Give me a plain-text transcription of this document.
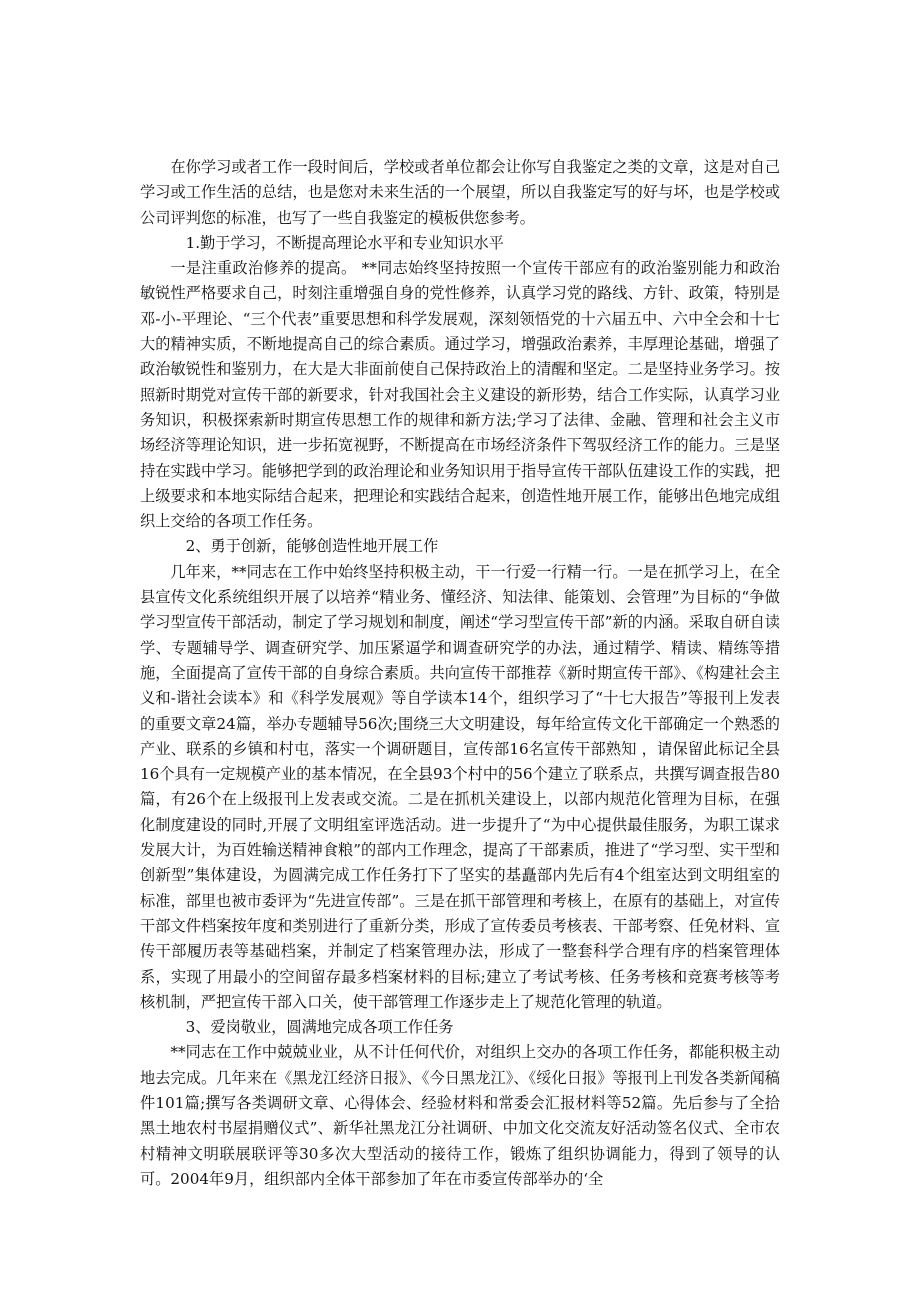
在你学习或者工作一段时间后，学校或者单位都会让你写自我鉴定之类的文章，这是对自己学习或工作生活的总结，也是您对未来生活的一个展望，所以自我鉴定写的好与坏，也是学校或公司评判您的标准，也写了一些自我鉴定的模板供您参考。

1.勤于学习，不断提高理论水平和专业知识水平

一是注重政治修养的提高。 **同志始终坚持按照一个宣传干部应有的政治鉴别能力和政治敏锐性严格要求自己，时刻注重增强自身的党性修养，认真学习党的路线、方针、政策，特别是邓-小-平理论、“三个代表”重要思想和科学发展观，深刻领悟党的十六届五中、六中全会和十七大的精神实质，不断地提高自己的综合素质。通过学习，增强政治素养，丰厚理论基础，增强了政治敏锐性和鉴别力，在大是大非面前使自己保持政治上的清醒和坚定。二是坚持业务学习。按照新时期党对宣传干部的新要求，针对我国社会主义建设的新形势，结合工作实际，认真学习业务知识，积极探索新时期宣传思想工作的规律和新方法;学习了法律、金融、管理和社会主义市场经济等理论知识，进一步拓宽视野，不断提高在市场经济条件下驾驭经济工作的能力。三是坚持在实践中学习。能够把学到的政治理论和业务知识用于指导宣传干部队伍建设工作的实践，把上级要求和本地实际结合起来，把理论和实践结合起来，创造性地开展工作，能够出色地完成组织上交给的各项工作任务。

2、勇于创新，能够创造性地开展工作

几年来，**同志在工作中始终坚持积极主动，干一行爱一行精一行。一是在抓学习上，在全县宣传文化系统组织开展了以培养“精业务、懂经济、知法律、能策划、会管理”为目标的“争做学习型宣传干部活动，制定了学习规划和制度，阐述“学习型宣传干部”新的内涵。采取自研自读学、专题辅导学、调查研究学、加压紧逼学和调查研究学的办法，通过精学、精读、精练等措施，全面提高了宣传干部的自身综合素质。共向宣传干部推荐《新时期宣传干部》、《构建社会主义和-谐社会读本》和《科学发展观》等自学读本14个，组织学习了“十七大报告”等报刊上发表的重要文章24篇，举办专题辅导56次;围绕三大文明建设，每年给宣传文化干部确定一个熟悉的产业、联系的乡镇和村屯，落实一个调研题目，宣传部16名宣传干部熟知 ，请保留此标记全县16个具有一定规模产业的基本情况，在全县93个村中的56个建立了联系点，共撰写调查报告80篇，有26个在上级报刊上发表或交流。二是在抓机关建设上，以部内规范化管理为目标，在强化制度建设的同时,开展了文明组室评选活动。进一步提升了“为中心提供最佳服务，为职工谋求发展大计，为百姓输送精神食粮”的部内工作理念，提高了干部素质，推进了“学习型、实干型和创新型”集体建设，为圆满完成工作任务打下了坚实的基矗部内先后有4个组室达到文明组室的标准，部里也被市委评为“先进宣传部”。三是在抓干部管理和考核上，在原有的基础上，对宣传干部文件档案按年度和类别进行了重新分类，形成了宣传委员考核表、干部考察、任免材料、宣传干部履历表等基础档案，并制定了档案管理办法，形成了一整套科学合理有序的档案管理体系，实现了用最小的空间留存最多档案材料的目标;建立了考试考核、任务考核和竞赛考核等考核机制，严把宣传干部入口关，使干部管理工作逐步走上了规范化管理的轨道。

3、爱岗敬业，圆满地完成各项工作任务

**同志在工作中兢兢业业，从不计任何代价，对组织上交办的各项工作任务，都能积极主动地去完成。几年来在《黑龙江经济日报》、《今日黑龙江》、《绥化日报》等报刊上刊发各类新闻稿件101篇;撰写各类调研文章、心得体会、经验材料和常委会汇报材料等52篇。先后参与了全拾黑土地农村书屋捐赠仪式”、新华社黑龙江分社调研、中加文化交流友好活动签名仪式、全市农村精神文明联展联评等30多次大型活动的接待工作，锻炼了组织协调能力，得到了领导的认可。2004年9月，组织部内全体干部参加了年在市委宣传部举办的‘全
